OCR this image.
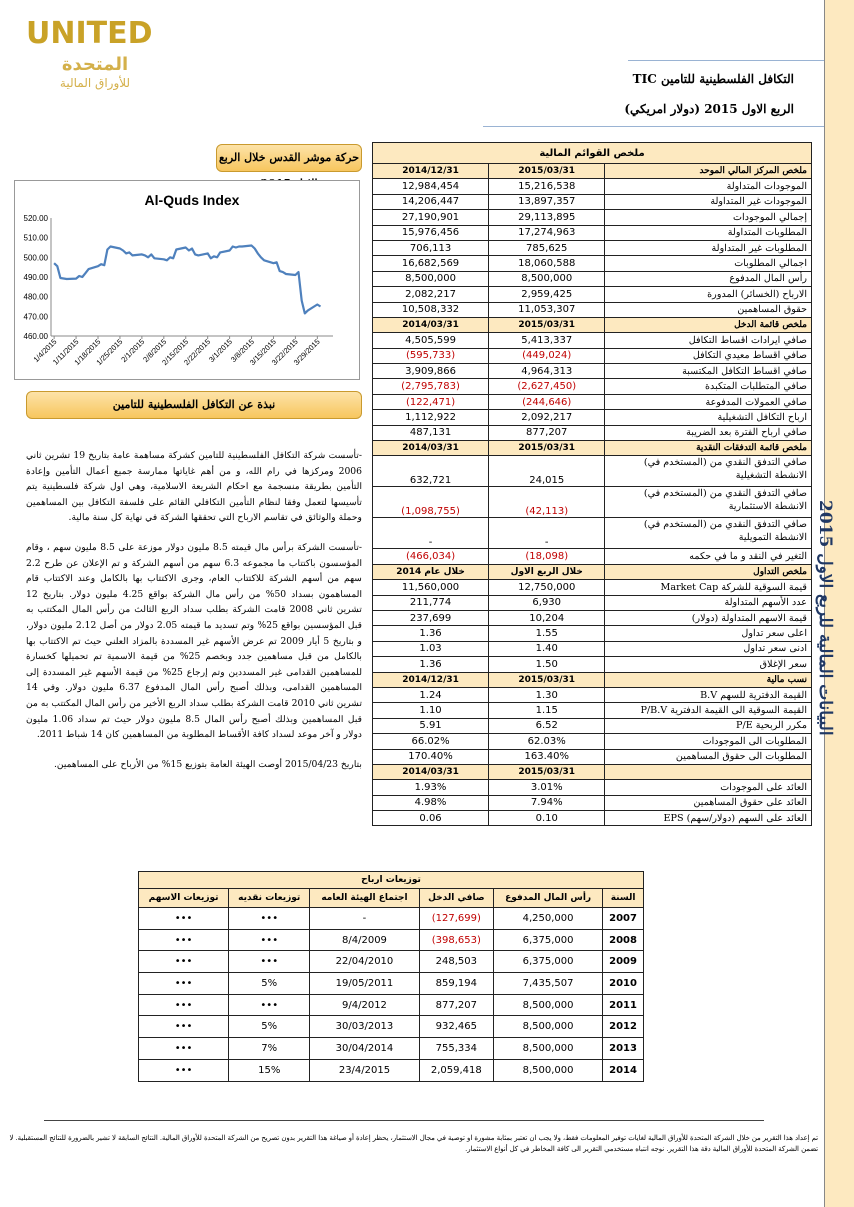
UNITED
المتحدة
للأوراق المالية	التكافل الفلسطينية للتامين TIC
الربع الاول 2015 (دولار امريكي)
البيانات المالية للربع الاول 2015
حركة موشر القدس خلال الربع
Al-Quds Index
520.00
510.00
500.00
490.00
480.00
470.00
460.00
1/4/2015
1/11/2015
1/18/2015
1/25/2015
2/1/2015
2/8/2015
2/15/2015
2/22/2015
3/1/2015
3/8/2015
3/15/2015
3/22/2015
3/29/2015
نبذة عن التكافل الفلسطينية للتامين

-تأسست شركة التكافل الفلسطينية للتامين كشركة مساهمة عامة بتاريخ 19 تشرين ثاني 2006 ومركزها في رام الله، و من أهم غاياتها ممارسة جميع أعمال التأمين وإعادة التأمين بطريقة منسجمة مع احكام الشريعة الاسلامية، وهي اول شركة فلسطينية يتم تأسيسها لتعمل وفقا لنظام التأمين التكافلي القائم على فلسفة التكافل بين المساهمين وحملة والوثائق في تقاسم الارباح التي تحققها الشركة في نهاية كل سنة مالية.

-تأسست الشركة برأس مال قيمته 8.5 مليون دولار موزعة على 8.5 مليون سهم ، وقام المؤسسون باكتتاب ما مجموعه 6.3 سهم من أسهم الشركة و تم الإعلان عن طرح 2.2 سهم من أسهم الشركة للاكتتاب العام، وجرى الاكتتاب بها بالكامل وعند الاكتتاب قام المساهمون بسداد 50% من رأس مال الشركة بواقع 4.25 مليون دولار. بتاريخ 12 تشرين ثاني 2008 قامت الشركة بطلب سداد الربع الثالث من رأس المال المكتتب به قبل المؤسسين بواقع 25% وتم تسديد ما قيمته 2.05 دولار من أصل 2.12 مليون دولار، و بتاريخ 5 أيار 2009 تم عرض الأسهم غير المسددة بالمزاد العلني حيث تم الاكتتاب بها بالكامل من قبل مساهمين جدد وبخصم 25% من قيمة الاسمية تم تحميلها كخسارة للمساهمين القدامى غير المسددين وتم إرجاع 25% من قيمة الأسهم غير المسددة إلى المساهمين القدامى، وبذلك أصبح رأس المال المدفوع 6.37 مليون دولار. وفي 14 تشرين ثاني 2010 قامت الشركة بطلب سداد الربع الأخير من رأس المال المكتتب به من قبل المساهمين وبذلك أصبح رأس المال 8.5 مليون دولار حيث تم سداد 1.06 مليون دولار و آخر موعد لسداد كافة الأقساط المطلوبة من المساهمين كان 14 شباط 2011.

بتاريخ 2015/04/23 أوصت الهيئة العامة بتوزيع 15% من الأرباح على المساهمين.

ملخص القوائم المالية		
ملخص المركز المالي الموحد	2015/03/31	2014/12/31
الموجودات المتداولة	15,216,538	12,984,454
الموجودات غير المتداولة	13,897,357	14,206,447
إجمالي الموجودات	29,113,895	27,190,901
المطلوبات المتداولة	17,274,963	15,976,456
المطلوبات غير المتداولة	785,625	706,113
اجمالي المطلوبات	18,060,588	16,682,569
رأس المال المدفوع	8,500,000	8,500,000
الارباح (الخسائر) المدورة	2,959,425	2,082,217
حقوق المساهمين	11,053,307	10,508,332
ملخص قائمة الدخل	2015/03/31	2014/03/31
صافي ايرادات اقساط التكافل	5,413,337	4,505,599
صافي اقساط معيدي التكافل	(449,024)	(595,733)
صافي اقساط التكافل المكتسبة	4,964,313	3,909,866
صافي المتطلبات المتكبدة	(2,627,450)	(2,795,783)
صافي العمولات المدفوعة	(244,646)	(122,471)
ارباح التكافل التشغيلية	2,092,217	1,112,922
صافي ارباح الفترة بعد الضريبة	877,207	487,131
ملخص قائمة التدفقات النقدية	2015/03/31	2014/03/31
صافي التدفق النقدي من (المستخدم في) الانشطة التشغيلية	24,015	632,721
صافي التدفق النقدي من (المستخدم في) الانشطة الاستثمارية	(42,113)	(1,098,755)
صافي التدفق النقدي من (المستخدم في) الانشطة التمويلية	-	-
التغير في النقد و ما في حكمه	(18,098)	(466,034)
ملخص التداول	خلال الربع الاول	خلال عام 2014
قيمة السوقية للشركة Market Cap	12,750,000	11,560,000
عدد الأسهم المتداولة	6,930	211,774
قيمة الاسهم المتداولة (دولار)	10,204	237,699
اعلى سعر تداول	1.55	1.36
ادنى سعر تداول	1.40	1.03
سعر الإغلاق	1.50	1.36
نسب مالية	2015/03/31	2014/12/31
القيمة الدفترية للسهم B.V	1.30	1.24
القيمة السوقية الى القيمة الدفترية P/B.V	1.15	1.10
مكرر الربحية P/E	6.52	5.91
المطلوبات الى الموجودات	62.03%	66.02%
المطلوبات الى حقوق المساهمين	163.40%	170.40%
	2015/03/31	2014/03/31
العائد على الموجودات	3.01%	1.93%
العائد على حقوق المساهمين	7.94%	4.98%
العائد على السهم (دولار/سهم) EPS	0.10	0.06
توزيعات ارباح					
السنة	رأس المال المدفوع	صافي الدخل	اجتماع الهيئة العامه	توزيعات نقديه	توزيعات الاسهم
2007	4,250,000	(127,699)	-	•••	•••
2008	6,375,000	(398,653)	8/4/2009	•••	•••
2009	6,375,000	248,503	22/04/2010	•••	•••
2010	7,435,507	859,194	19/05/2011	5%	•••
2011	8,500,000	877,207	9/4/2012	•••	•••
2012	8,500,000	932,465	30/03/2013	5%	•••
2013	8,500,000	755,334	30/04/2014	7%	•••
2014	8,500,000	2,059,418	23/4/2015	15%	•••
تم إعداد هذا التقرير من خلال الشركة المتحدة للأوراق المالية لغايات توفير المعلومات فقط، ولا يجب ان تعتبر بمثابة مشورة او توصية في مجال الاستثمار، يحظر إعادة أو صياغة هذا التقرير بدون تصريح من الشركة المتحدة للأوراق المالية. النتائج السابقة لا تشير بالضرورة للنتائج المستقبلية. لا تضمن الشركة المتحدة للأوراق المالية دقة هذا التقرير. نوجه انتباه مستخدمي التقرير الى كافة المخاطر في كل أنواع الاستثمار.
